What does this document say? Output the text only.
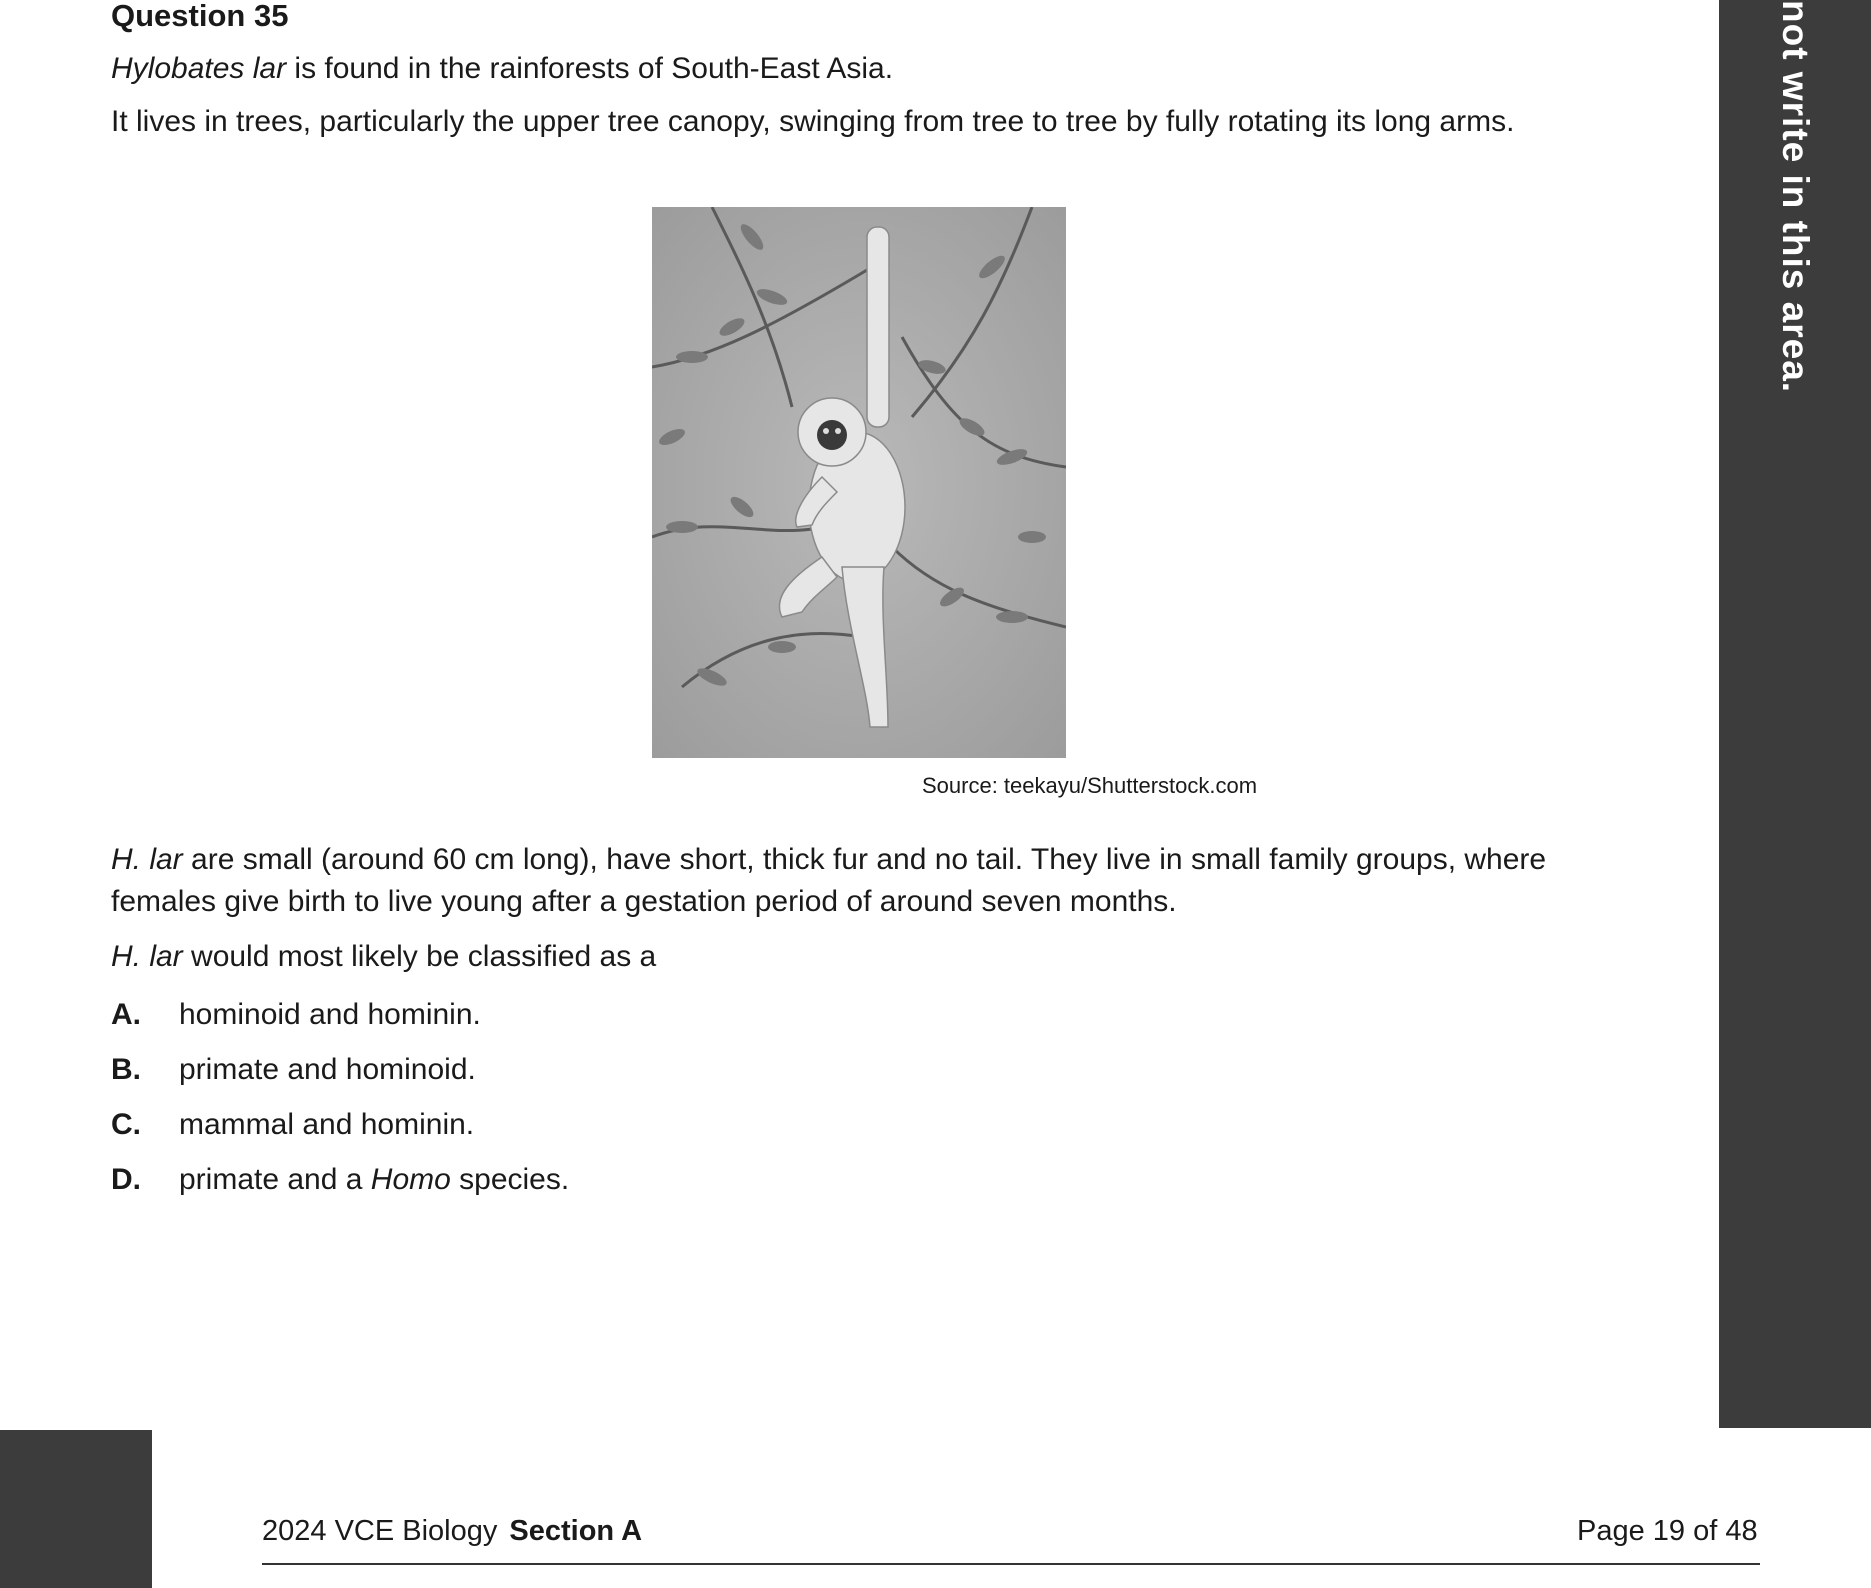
Question 35
Hylobates lar is found in the rainforests of South-East Asia.
It lives in trees, particularly the upper tree canopy, swinging from tree to tree by fully rotating its long arms.
Source: teekayu/Shutterstock.com
H. lar are small (around 60 cm long), have short, thick fur and no tail. They live in small family groups, where females give birth to live young after a gestation period of around seven months.
H. lar would most likely be classified as a
A. hominoid and hominin.
B. primate and hominoid.
C. mammal and hominin.
D. primate and a Homo species.
not write in this area.
2024 VCE Biology Section A	Page 19 of 48
